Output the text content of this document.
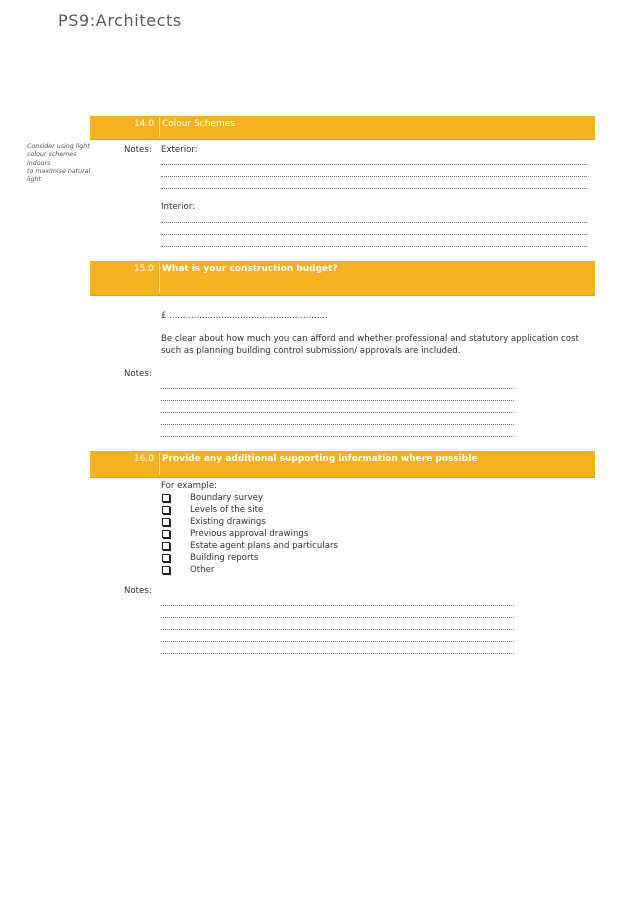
PS9:Architects
Consider using light
colour schemes
indoors
to maximise natural
light.
14.0 Colour Schemes
Notes: Exterior:
Interior:
15.0 What is your construction budget?
£ ..........................................................
Be clear about how much you can afford and whether professional and statutory application cost such as planning building control submission/ approvals are included.
Notes:
16.0 Provide any additional supporting information where possible
For example:
Boundary survey
Levels of the site
Existing drawings
Previous approval drawings
Estate agent plans and particulars
Building reports
Other
Notes:
